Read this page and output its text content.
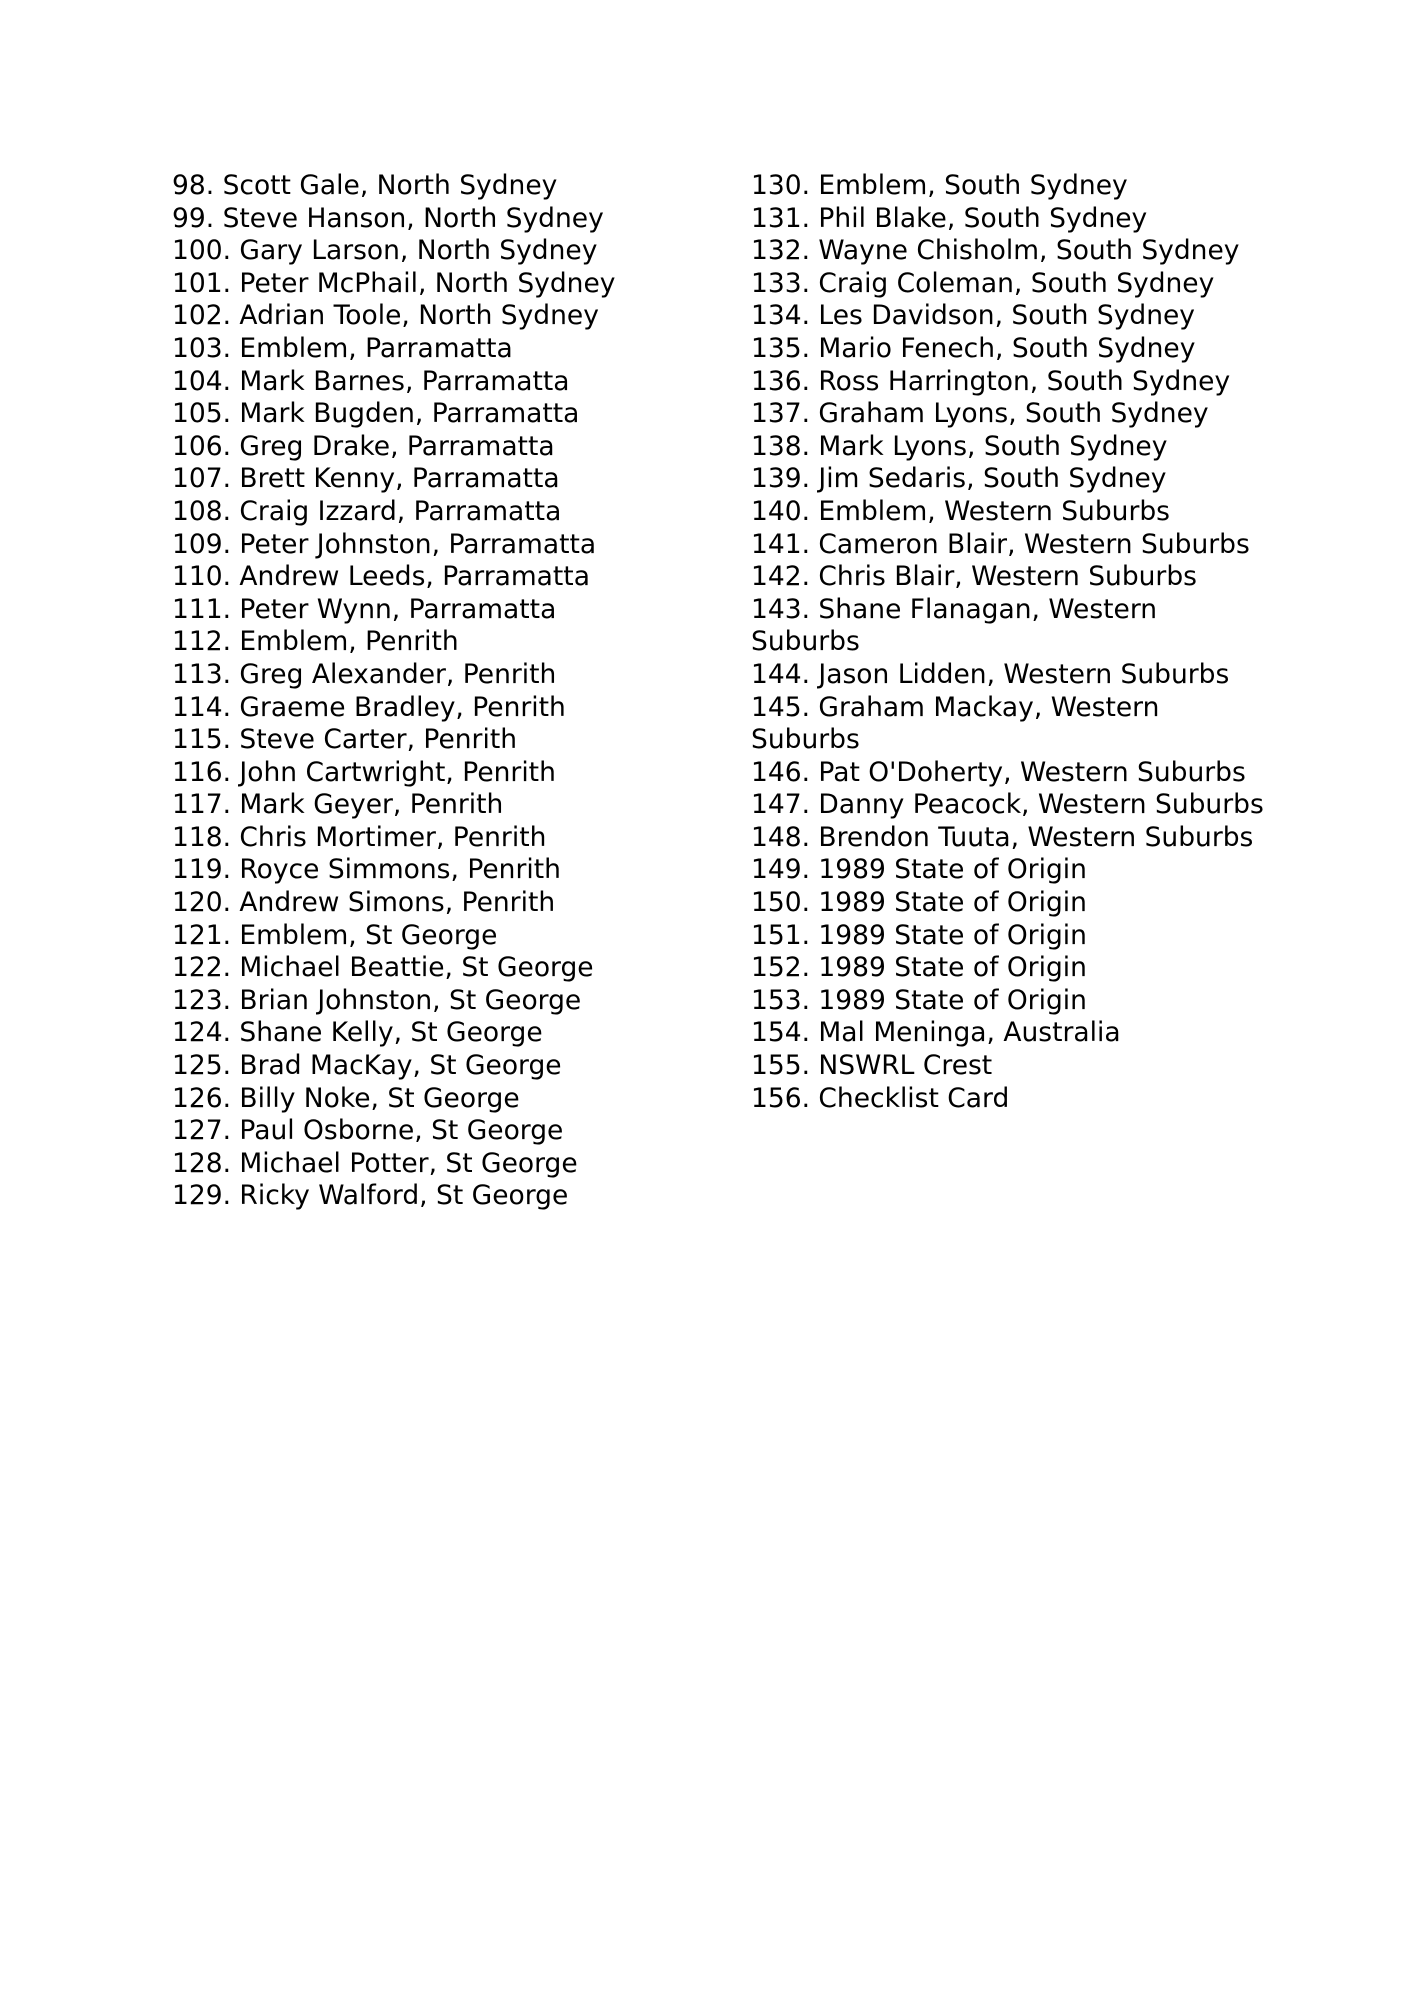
98. Scott Gale, North Sydney
99. Steve Hanson, North Sydney
100. Gary Larson, North Sydney
101. Peter McPhail, North Sydney
102. Adrian Toole, North Sydney
103. Emblem, Parramatta
104. Mark Barnes, Parramatta
105. Mark Bugden, Parramatta
106. Greg Drake, Parramatta
107. Brett Kenny, Parramatta
108. Craig Izzard, Parramatta
109. Peter Johnston, Parramatta
110. Andrew Leeds, Parramatta
111. Peter Wynn, Parramatta
112. Emblem, Penrith
113. Greg Alexander, Penrith
114. Graeme Bradley, Penrith
115. Steve Carter, Penrith
116. John Cartwright, Penrith
117. Mark Geyer, Penrith
118. Chris Mortimer, Penrith
119. Royce Simmons, Penrith
120. Andrew Simons, Penrith
121. Emblem, St George
122. Michael Beattie, St George
123. Brian Johnston, St George
124. Shane Kelly, St George
125. Brad MacKay, St George
126. Billy Noke, St George
127. Paul Osborne, St George
128. Michael Potter, St George
129. Ricky Walford, St George
130. Emblem, South Sydney
131. Phil Blake, South Sydney
132. Wayne Chisholm, South Sydney
133. Craig Coleman, South Sydney
134. Les Davidson, South Sydney
135. Mario Fenech, South Sydney
136. Ross Harrington, South Sydney
137. Graham Lyons, South Sydney
138. Mark Lyons, South Sydney
139. Jim Sedaris, South Sydney
140. Emblem, Western Suburbs
141. Cameron Blair, Western Suburbs
142. Chris Blair, Western Suburbs
143. Shane Flanagan, Western Suburbs
144. Jason Lidden, Western Suburbs
145. Graham Mackay, Western Suburbs
146. Pat O'Doherty, Western Suburbs
147. Danny Peacock, Western Suburbs
148. Brendon Tuuta, Western Suburbs
149. 1989 State of Origin
150. 1989 State of Origin
151. 1989 State of Origin
152. 1989 State of Origin
153. 1989 State of Origin
154. Mal Meninga, Australia
155. NSWRL Crest
156. Checklist Card
